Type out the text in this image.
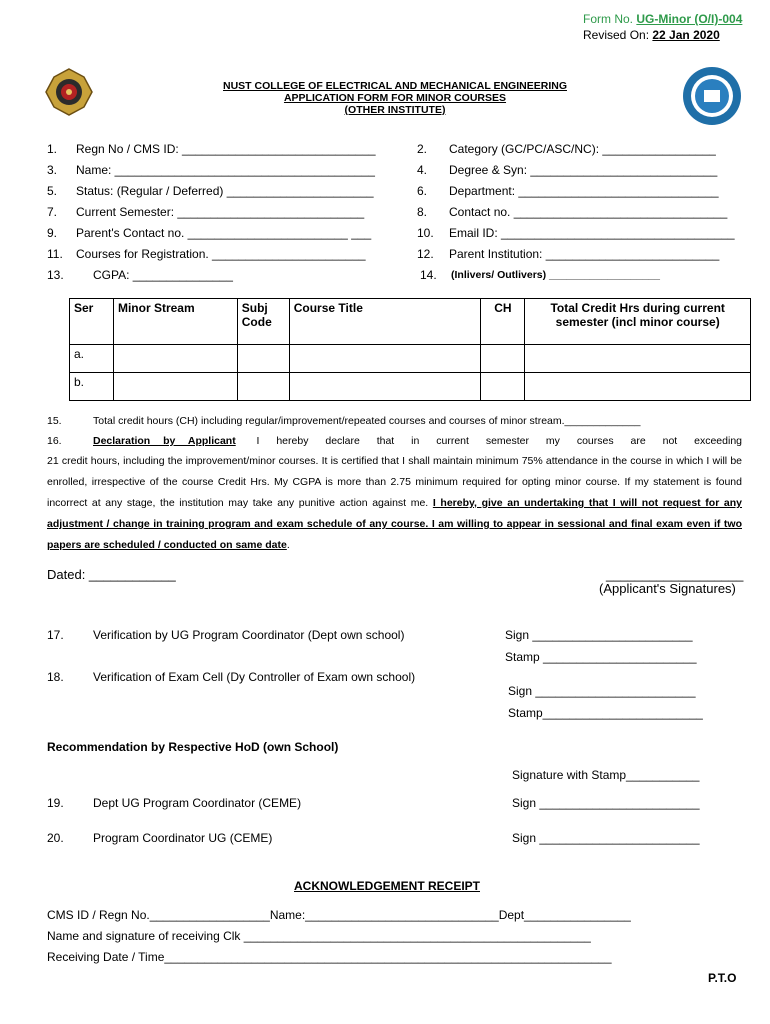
Form No. UG-Minor (O/I)-004
Revised On: 22 Jan 2020
NUST COLLEGE OF ELECTRICAL AND MECHANICAL ENGINEERING
APPLICATION FORM FOR MINOR COURSES
(OTHER INSTITUTE)
1. Regn No / CMS ID: _____________________________
3. Name: _______________________________________
5. Status: (Regular / Deferred) ______________________
7. Current Semester: ____________________________
9. Parent's Contact no. ________________________ ___
11. Courses for Registration. _______________________
13. CGPA: _______________
2. Category (GC/PC/ASC/NC): _________________
4. Degree & Syn: ____________________________
6. Department: ______________________________
8. Contact no. ________________________________
10. Email ID: ___________________________________
12. Parent Institution: __________________________
14. (Inlivers/ Outlivers) ___________________
Ser	Minor Stream	Subj Code	Course Title	CH	Total Credit Hrs during current semester (incl minor course)
a.					
b.					
15.	Total credit hours (CH) including regular/improvement/repeated courses and courses of minor stream._____________
16.	Declaration by Applicant I hereby declare that in current semester my courses are not exceeding
21 credit hours, including the improvement/minor courses. It is certified that I shall maintain minimum 75% attendance in the course in which I will be enrolled, irrespective of the course Credit Hrs. My CGPA is more than 2.75 minimum required for opting minor course. If my statement is found incorrect at any stage, the institution may take any punitive action against me. I hereby, give an undertaking that I will not request for any adjustment / change in training program and exam schedule of any course. I am willing to appear in sessional and final exam even if two papers are scheduled / conducted on same date.
Dated: ____________	___________________
(Applicant's Signatures)
17. Verification by UG Program Coordinator (Dept own school)	Sign ________________________
Stamp _______________________
18. Verification of Exam Cell (Dy Controller of Exam own school)
Sign ________________________
Stamp________________________
Recommendation by Respective HoD (own School)
Signature with Stamp___________
19. Dept UG Program Coordinator (CEME)	Sign ________________________
20. Program Coordinator UG (CEME)	Sign ________________________
ACKNOWLEDGEMENT RECEIPT
CMS ID / Regn No.__________________Name:_____________________________Dept________________
Name and signature of receiving Clk ____________________________________________________
Receiving Date / Time___________________________________________________________________
P.T.O
